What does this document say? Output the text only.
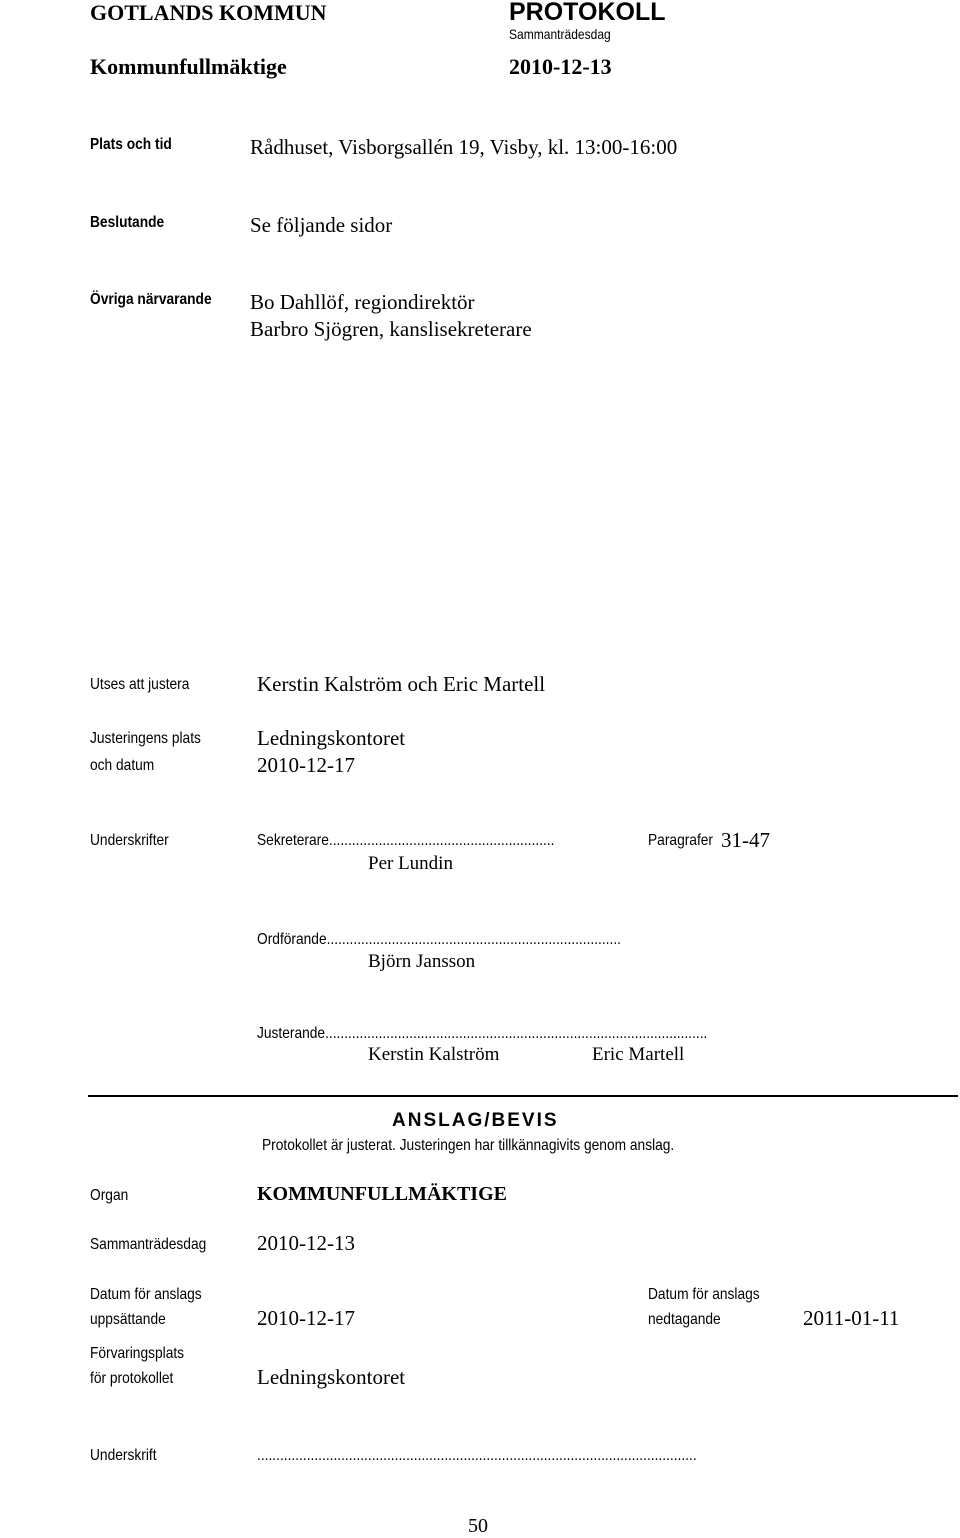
GOTLANDS KOMMUN	PROTOKOLL
Sammanträdesdag
Kommunfullmäktige	2010-12-13
Plats och tid	Rådhuset, Visborgsallén 19, Visby, kl. 13:00-16:00
Beslutande	Se följande sidor
Övriga närvarande	Bo Dahllöf, regiondirektör
Barbro Sjögren, kanslisekreterare
Utses att justera	Kerstin Kalström och Eric Martell
Justeringens plats	Ledningskontoret
och datum	2010-12-17
Underskrifter	Sekreterare...........................................................	Paragrafer 31-47
Per Lundin
Ordförande.............................................................................
Björn Jansson
Justerande....................................................................................................
Kerstin Kalström	Eric Martell
ANSLAG/BEVIS
Protokollet är justerat. Justeringen har tillkännagivits genom anslag.
Organ	KOMMUNFULLMÄKTIGE
Sammanträdesdag	2010-12-13
Datum för anslags
uppsättande	2010-12-17
Datum för anslags
nedtagande	2011-01-11
Förvaringsplats
för protokollet	Ledningskontoret
Underskrift	...................................................................................................................
50
